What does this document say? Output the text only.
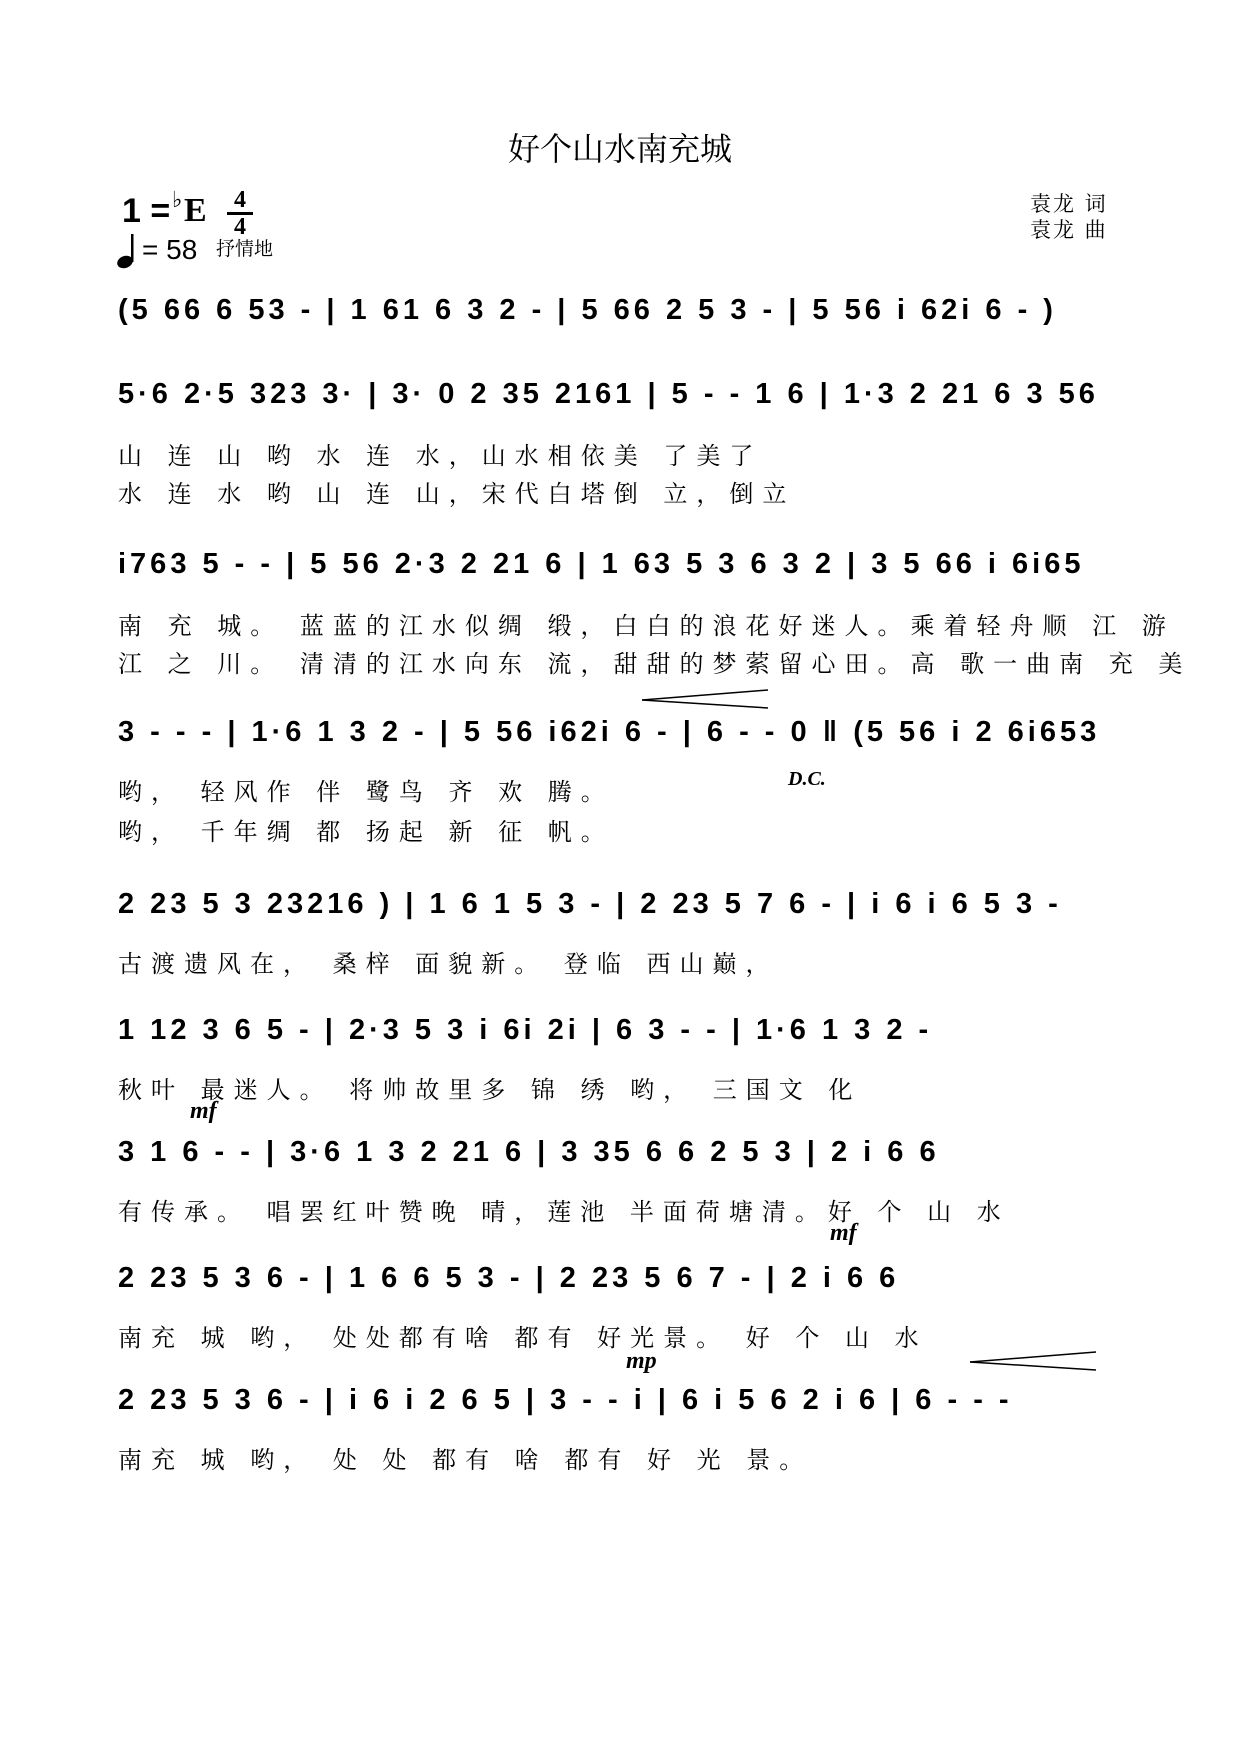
好个山水南充城
袁龙 词
袁龙 曲
1 = ♭ E 4
4
= 58 抒情地
(5 66 6 53 - | 1 61 6 3 2 - | 5 66 2 5 3 - | 5 56 i 62i 6 - )
5·6 2·5 323 3· | 3· 0 2 35 2161 | 5 - - 1 6 | 1·3 2 21 6 3 56
山 连 山 哟 水 连 水，山水相依美 了美了
水 连 水 哟 山 连 山，宋代白塔倒 立，倒立
i763 5 - - | 5 56 2·3 2 21 6 | 1 63 5 3 6 3 2 | 3 5 66 i 6i65
南 充 城。 蓝蓝的江水似绸 缎，白白的浪花好迷人。乘着轻舟顺 江 游
江 之 川。 清清的江水向东 流，甜甜的梦萦留心田。高 歌一曲南 充 美
3 - - - | 1·6 1 3 2 - | 5 56 i62i 6 - | 6 - - 0 ‖ (5 56 i 2 6i653
哟， 轻风作 伴 鹭鸟 齐 欢 腾。
哟， 千年绸 都 扬起 新 征 帆。
D.C.
2 23 5 3 23216 ) | 1 6 1 5 3 - | 2 23 5 7 6 - | i 6 i 6 5 3 -
古渡遗风在， 桑梓 面貌新。 登临 西山巅，
1 12 3 6 5 - | 2·3 5 3 i 6i 2i | 6 3 - - | 1·6 1 3 2 -
秋叶 最迷人。 将帅故里多 锦 绣 哟， 三国文 化
mf
3 1 6 - - | 3·6 1 3 2 21 6 | 3 35 6 6 2 5 3 | 2 i 6 6
有传承。 唱罢红叶赞晚 晴，莲池 半面荷塘清。好 个 山 水
mf
2 23 5 3 6 - | 1 6 6 5 3 - | 2 23 5 6 7 - | 2 i 6 6
南充 城 哟， 处处都有啥 都有 好光景。 好 个 山 水
mp
2 23 5 3 6 - | i 6 i 2 6 5 | 3 - - i | 6 i 5 6 2 i 6 | 6 - - -
南充 城 哟， 处 处 都有 啥 都有 好 光 景。
